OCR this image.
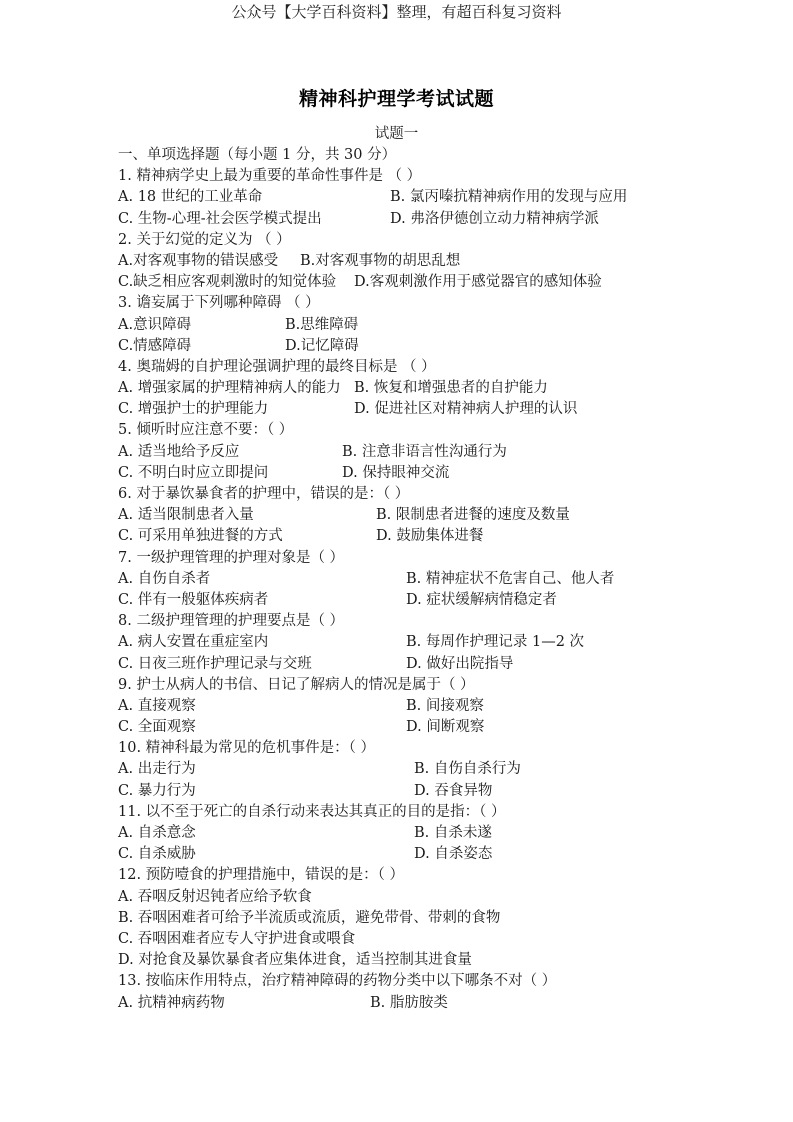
公众号【大学百科资料】整理，有超百科复习资料
精神科护理学考试试题
试题一
一、单项选择题（每小题 1 分，共 30 分）
1. 精神病学史上最为重要的革命性事件是 （ ）
A. 18 世纪的工业革命	B. 氯丙嗪抗精神病作用的发现与应用
C. 生物-心理-社会医学模式提出	D. 弗洛伊德创立动力精神病学派
2. 关于幻觉的定义为 （ ）
A.对客观事物的错误感受 B.对客观事物的胡思乱想
C.缺乏相应客观刺激时的知觉体验 D.客观刺激作用于感觉器官的感知体验
3. 谵妄属于下列哪种障碍 （ ）
A.意识障碍	B.思维障碍
C.情感障碍	D.记忆障碍
4. 奥瑞姆的自护理论强调护理的最终目标是 （ ）
A. 增强家属的护理精神病人的能力 B. 恢复和增强患者的自护能力
C. 增强护士的护理能力	D. 促进社区对精神病人护理的认识
5. 倾听时应注意不要：（ ）
A. 适当地给予反应	B. 注意非语言性沟通行为
C. 不明白时应立即提问	D. 保持眼神交流
6. 对于暴饮暴食者的护理中，错误的是：（ ）
A. 适当限制患者入量	B. 限制患者进餐的速度及数量
C. 可采用单独进餐的方式	D. 鼓励集体进餐
7. 一级护理管理的护理对象是（ ）
A. 自伤自杀者	B. 精神症状不危害自己、他人者
C. 伴有一般躯体疾病者	D. 症状缓解病情稳定者
8. 二级护理管理的护理要点是（ ）
A. 病人安置在重症室内	B. 每周作护理记录 1—2 次
C. 日夜三班作护理记录与交班	D. 做好出院指导
9. 护士从病人的书信、日记了解病人的情况是属于（ ）
A. 直接观察	B. 间接观察
C. 全面观察	D. 间断观察
10. 精神科最为常见的危机事件是：（ ）
A. 出走行为	B. 自伤自杀行为
C. 暴力行为	D. 吞食异物
11. 以不至于死亡的自杀行动来表达其真正的目的是指：（ ）
A. 自杀意念	B. 自杀未遂
C. 自杀威胁	D. 自杀姿态
12. 预防噎食的护理措施中，错误的是：（ ）
A. 吞咽反射迟钝者应给予软食
B. 吞咽困难者可给予半流质或流质，避免带骨、带刺的食物
C. 吞咽困难者应专人守护进食或喂食
D. 对抢食及暴饮暴食者应集体进食，适当控制其进食量
13. 按临床作用特点，治疗精神障碍的药物分类中以下哪条不对（ ）
A. 抗精神病药物	B. 脂肪胺类
